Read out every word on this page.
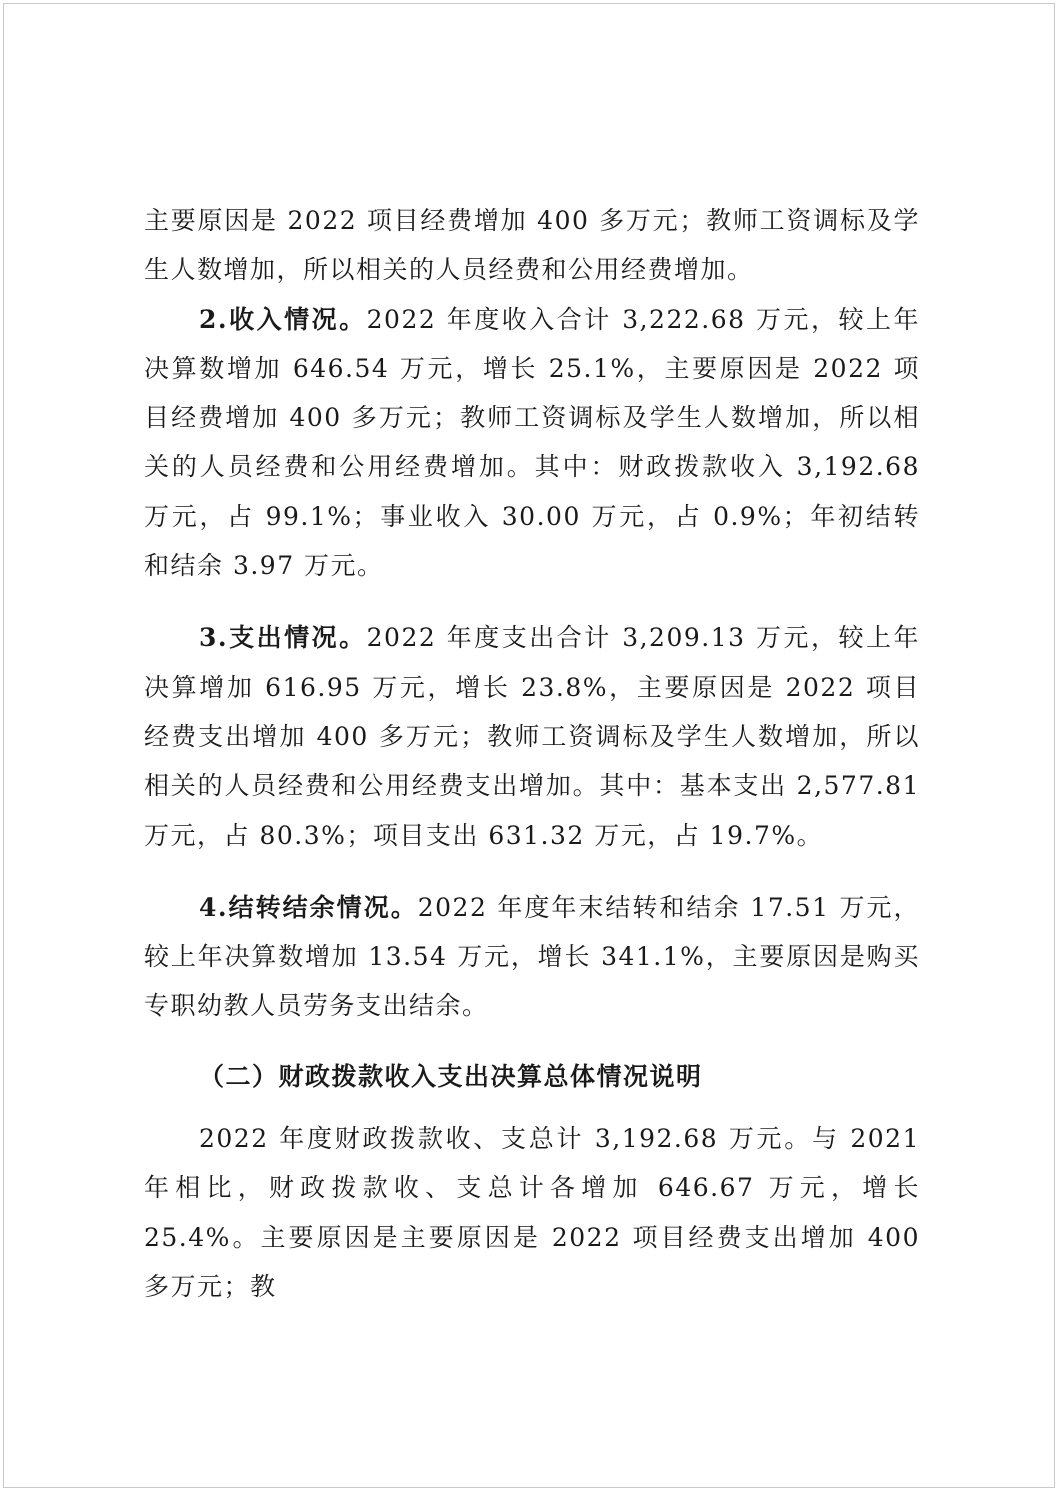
主要原因是 2022 项目经费增加 400 多万元；教师工资调标及学生人数增加，所以相关的人员经费和公用经费增加。

2.收入情况。2022 年度收入合计 3,222.68 万元，较上年决算数增加 646.54 万元，增长 25.1%，主要原因是 2022 项目经费增加 400 多万元；教师工资调标及学生人数增加，所以相关的人员经费和公用经费增加。其中：财政拨款收入 3,192.68 万元，占 99.1%；事业收入 30.00 万元，占 0.9%；年初结转和结余 3.97 万元。

3.支出情况。2022 年度支出合计 3,209.13 万元，较上年决算增加 616.95 万元，增长 23.8%，主要原因是 2022 项目经费支出增加 400 多万元；教师工资调标及学生人数增加，所以相关的人员经费和公用经费支出增加。其中：基本支出 2,577.81 万元，占 80.3%；项目支出 631.32 万元，占 19.7%。

4.结转结余情况。2022 年度年末结转和结余 17.51 万元，较上年决算数增加 13.54 万元，增长 341.1%，主要原因是购买专职幼教人员劳务支出结余。

（二）财政拨款收入支出决算总体情况说明

2022 年度财政拨款收、支总计 3,192.68 万元。与 2021 年相比，财政拨款收、支总计各增加 646.67 万元，增长 25.4%。主要原因是主要原因是 2022 项目经费支出增加 400 多万元；教
